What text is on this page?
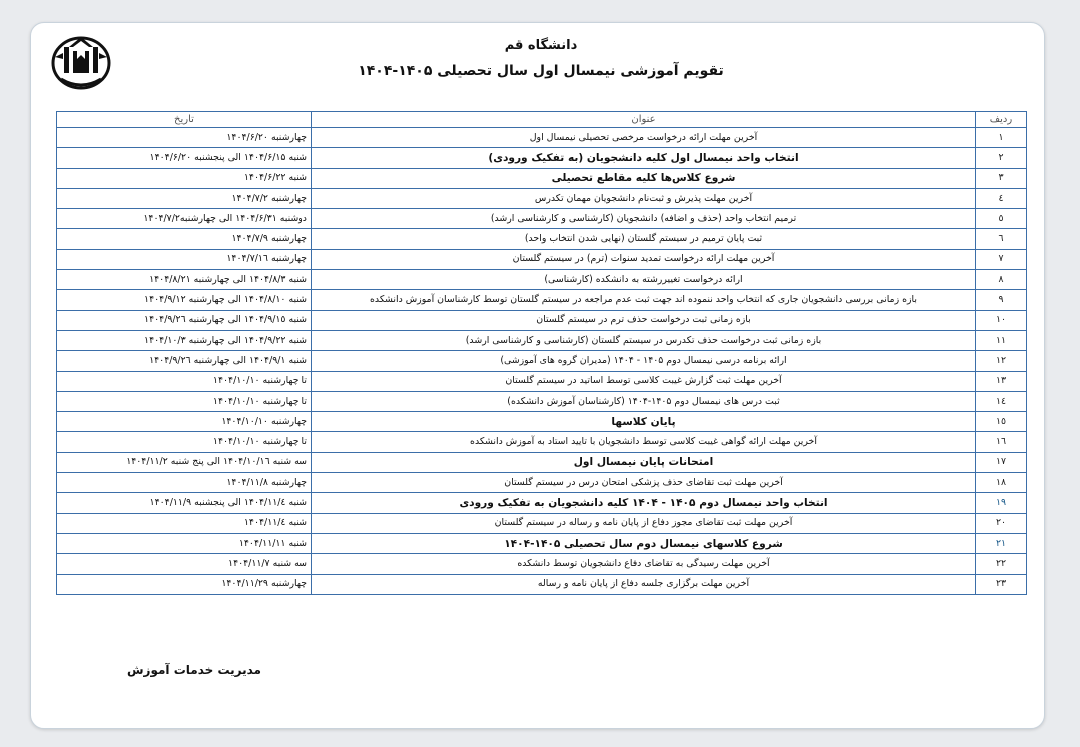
دانشگاه قم
تقویم آموزشی نیمسال اول سال تحصیلی ۱۴۰۵-۱۴۰۴
ردیف	عنوان	تاریخ
۱	آخرین مهلت ارائه درخواست مرخصی تحصیلی نیمسال اول	چهارشنبه ۱۴۰۴/۶/۲۰
۲	انتخاب واحد نیمسال اول کلیه دانشجویان (به تفکیک ورودی)	شنبه ۱۴۰۴/۶/۱۵ الی پنجشنبه ۱۴۰۴/۶/۲۰
۳	شروع کلاس‌ها کلیه مقاطع تحصیلی	شنبه ۱۴۰۴/۶/۲۲
٤	آخرین مهلت پذیرش و ثبت‌نام دانشجویان مهمان تکدرس	چهارشنبه ۱۴۰۴/۷/۲
٥	ترمیم انتخاب واحد (حذف و اضافه) دانشجویان (کارشناسی و کارشناسی ارشد)	دوشنبه ۱۴۰۴/۶/۳۱ الی چهارشنبه۱۴۰۴/۷/۲
٦	ثبت پایان ترمیم در سیستم گلستان (نهایی شدن انتخاب واحد)	چهارشنبه ۱۴۰۴/۷/۹
۷	آخرین مهلت ارائه درخواست تمدید سنوات (ترم) در سیستم گلستان	چهارشنبه ۱۴۰۴/۷/۱٦
۸	ارائه درخواست تغییررشته به دانشکده (کارشناسی)	شنبه ۱۴۰۴/۸/۳ الی چهارشنبه ۱۴۰۴/۸/۲۱
۹	بازه زمانی بررسی دانشجویان جاری که انتخاب واحد ننموده اند جهت ثبت عدم مراجعه در سیستم گلستان توسط کارشناسان آموزش دانشکده	شنبه ۱۴۰۴/۸/۱۰ الی چهارشنبه ۱۴۰۴/۹/۱۲
۱۰	بازه زمانی ثبت درخواست حذف ترم در سیستم گلستان	شنبه ۱۴۰۴/۹/۱٥ الی چهارشنبه ۱۴۰۴/۹/۲٦
۱۱	بازه زمانی ثبت درخواست حذف تکدرس در سیستم گلستان (کارشناسی و کارشناسی ارشد)	شنبه ۱۴۰۴/۹/۲۲ الی چهارشنبه ۱۴۰۴/۱۰/۳
۱۲	ارائه برنامه درسی نیمسال دوم ۱۴۰۵ - ۱۴۰۴ (مدیران گروه های آموزشی)	شنبه ۱۴۰۴/۹/۱ الی چهارشنبه ۱۴۰۴/۹/۲٦
۱۳	آخرین مهلت ثبت گزارش غیبت کلاسی توسط اساتید در سیستم گلستان	تا چهارشنبه ۱۴۰۴/۱۰/۱۰
۱٤	ثبت درس های نیمسال دوم ۱۴۰۵-۱۴۰۴ (کارشناسان آموزش دانشکده)	تا چهارشنبه ۱۴۰۴/۱۰/۱۰
۱٥	پایان کلاسها	چهارشنبه ۱۴۰۴/۱۰/۱۰
۱٦	آخرین مهلت ارائه گواهی غیبت کلاسی توسط دانشجویان با تایید استاد به آموزش دانشکده	تا چهارشنبه ۱۴۰۴/۱۰/۱۰
۱۷	امتحانات پایان نیمسال اول	سه شنبه ۱۴۰۴/۱۰/۱٦ الی پنج شنبه ۱۴۰۴/۱۱/۲
۱۸	آخرین مهلت ثبت تقاضای حذف پزشکی امتحان درس در سیستم گلستان	چهارشنبه ۱۴۰۴/۱۱/۸
۱۹	انتخاب واحد نیمسال دوم ۱۴۰۵ - ۱۴۰۴ کلیه دانشجویان به تفکیک ورودی	شنبه ۱۴۰۴/۱۱/٤ الی پنجشنبه ۱۴۰۴/۱۱/۹
۲۰	آخرین مهلت ثبت تقاضای مجوز دفاع از پایان نامه و رساله در سیستم گلستان	شنبه ۱۴۰۴/۱۱/٤
۲۱	شروع کلاسهای نیمسال دوم سال تحصیلی ۱۴۰۵-۱۴۰۴	شنبه ۱۴۰۴/۱۱/۱۱
۲۲	آخرین مهلت رسیدگی به تقاضای دفاع دانشجویان توسط دانشکده	سه شنبه ۱۴۰۴/۱۱/۷
۲۳	آخرین مهلت برگزاری جلسه دفاع از پایان نامه و رساله	چهارشنبه ۱۴۰۴/۱۱/۲۹
مدیریت خدمات آموزش
